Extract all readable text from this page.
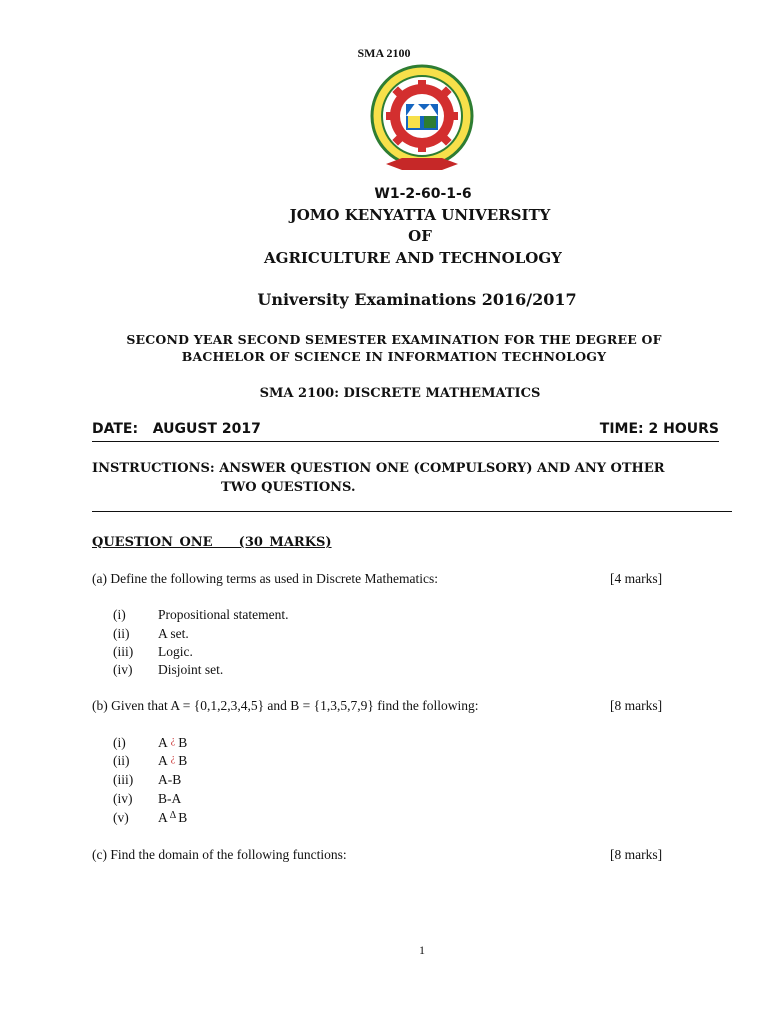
SMA 2100
W1-2-60-1-6
JOMO KENYATTA UNIVERSITY
OF
AGRICULTURE AND TECHNOLOGY
University Examinations 2016/2017
SECOND YEAR SECOND SEMESTER EXAMINATION FOR THE DEGREE OF
BACHELOR OF SCIENCE IN INFORMATION TECHNOLOGY
SMA 2100: DISCRETE MATHEMATICS
DATE:   AUGUST 2017	TIME: 2 HOURS
INSTRUCTIONS: ANSWER QUESTION ONE (COMPULSORY) AND ANY OTHER
TWO QUESTIONS.
QUESTION ONE    (30 MARKS)
(a) Define the following terms as used in Discrete Mathematics:	[4 marks]
(i) Propositional statement.
(ii) A set.
(iii) Logic.
(iv) Disjoint set.
(b) Given that A = {0,1,2,3,4,5} and B = {1,3,5,7,9} find the following:	[8 marks]
(i) A ¿ B
(ii) A ¿ B
(iii) A-B
(iv) B-A
(v) A $^\Delta$ B
(c) Find the domain of the following functions:	[8 marks]
1
